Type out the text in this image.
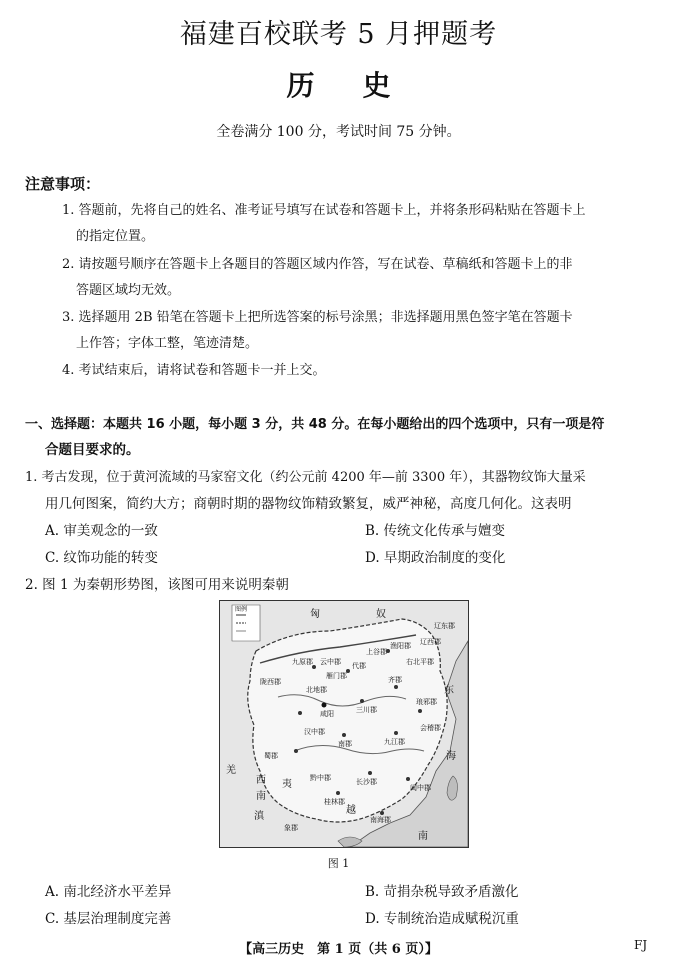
福建百校联考 5 月押题考
历史
全卷满分 100 分，考试时间 75 分钟。
注意事项：
1. 答题前，先将自己的姓名、准考证号填写在试卷和答题卡上，并将条形码粘贴在答题卡上
的指定位置。
2. 请按题号顺序在答题卡上各题目的答题区域内作答，写在试卷、草稿纸和答题卡上的非
答题区域均无效。
3. 选择题用 2B 铅笔在答题卡上把所选答案的标号涂黑；非选择题用黑色签字笔在答题卡
上作答；字体工整，笔迹清楚。
4. 考试结束后，请将试卷和答题卡一并上交。
一、选择题：本题共 16 小题，每小题 3 分，共 48 分。在每小题给出的四个选项中，只有一项是符
合题目要求的。
1. 考古发现，位于黄河流域的马家窑文化（约公元前 4200 年—前 3300 年），其器物纹饰大量采
用几何图案，简约大方；商朝时期的器物纹饰精致繁复，威严神秘，高度几何化。这表明
A. 审美观念的一致	B. 传统文化传承与嬗变
C. 纹饰功能的转变	D. 早期政治制度的变化
2. 图 1 为秦朝形势图，该图可用来说明秦朝
图例	匈	奴
九原郡 云中郡
雁门郡
代郡
上谷郡
渔阳郡
右北平郡
辽西郡
辽东郡
陇西郡
北地郡
咸阳	三川郡
齐郡
琅邪郡
汉中郡
蜀郡
南郡	九江郡
会稽郡
长沙郡
闽中郡
桂林郡
南海郡
象郡
羌
西
南
夷
滇
东
海
越
南
黔中郡
图 1
A. 南北经济水平差异	B. 苛捐杂税导致矛盾激化
C. 基层治理制度完善	D. 专制统治造成赋税沉重
【高三历史　第 1 页（共 6 页）】	FJ
